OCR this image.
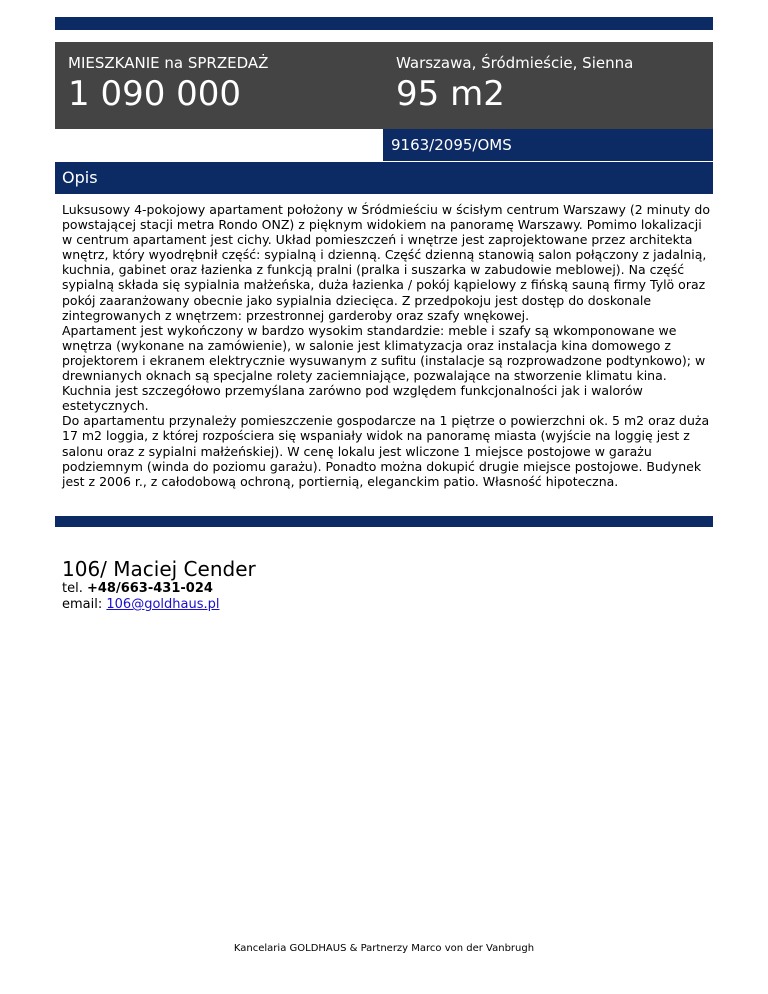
MIESZKANIE na SPRZEDAŻ
1 090 000
Warszawa, Śródmieście, Sienna
95 m2
9163/2095/OMS
Opis

Luksusowy 4-pokojowy apartament położony w Śródmieściu w ścisłym centrum Warszawy (2 minuty do powstającej stacji metra Rondo ONZ) z pięknym widokiem na panoramę Warszawy. Pomimo lokalizacji w centrum apartament jest cichy. Układ pomieszczeń i wnętrze jest zaprojektowane przez architekta wnętrz, który wyodrębnił część: sypialną i dzienną. Część dzienną stanowią salon połączony z jadalnią, kuchnia, gabinet oraz łazienka z funkcją pralni (pralka i suszarka w zabudowie meblowej). Na część sypialną składa się sypialnia małżeńska, duża łazienka / pokój kąpielowy z fińską sauną firmy Tylö oraz pokój zaaranżowany obecnie jako sypialnia dziecięca. Z przedpokoju jest dostęp do doskonale zintegrowanych z wnętrzem: przestronnej garderoby oraz szafy wnękowej.

Apartament jest wykończony w bardzo wysokim standardzie: meble i szafy są wkomponowane we wnętrza (wykonane na zamówienie), w salonie jest klimatyzacja oraz instalacja kina domowego z projektorem i ekranem elektrycznie wysuwanym z sufitu (instalacje są rozprowadzone podtynkowo); w drewnianych oknach są specjalne rolety zaciemniające, pozwalające na stworzenie klimatu kina. Kuchnia jest szczegółowo przemyślana zarówno pod względem funkcjonalności jak i walorów estetycznych.

Do apartamentu przynależy pomieszczenie gospodarcze na 1 piętrze o powierzchni ok. 5 m2 oraz duża 17 m2 loggia, z której rozpościera się wspaniały widok na panoramę miasta (wyjście na loggię jest z salonu oraz z sypialni małżeńskiej). W cenę lokalu jest wliczone 1 miejsce postojowe w garażu podziemnym (winda do poziomu garażu). Ponadto można dokupić drugie miejsce postojowe. Budynek jest z 2006 r., z całodobową ochroną, portiernią, eleganckim patio. Własność hipoteczna.

106/ Maciej Cender
tel. +48/663-431-024
email: 106@goldhaus.pl
Kancelaria GOLDHAUS & Partnerzy Marco von der Vanbrugh
